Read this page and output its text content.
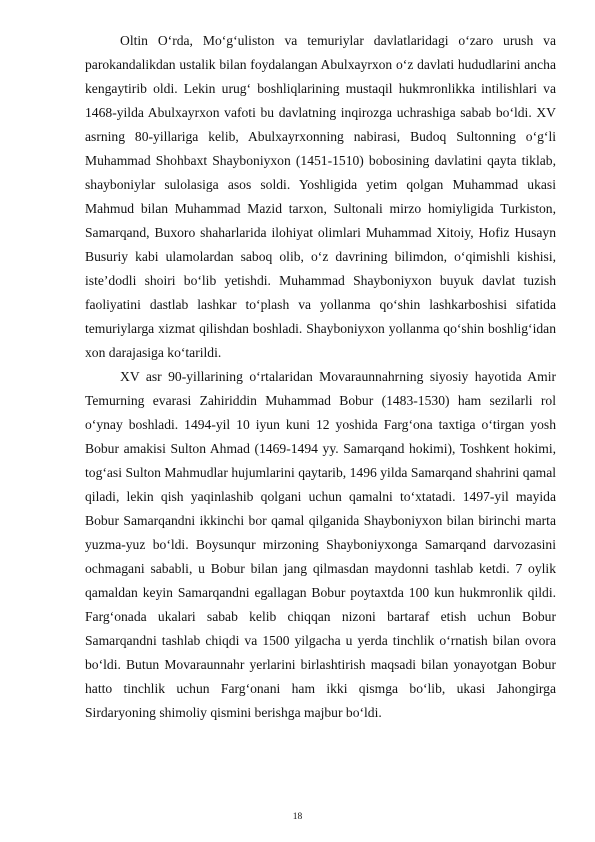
Oltin O‘rda, Mo‘g‘uliston va temuriylar davlatlaridagi o‘zaro urush va parokandalikdan ustalik bilan foydalangan Abulxayrxon o‘z davlati hududlarini ancha kengaytirib oldi. Lekin urug‘ boshliqlarining mustaqil hukmronlikka intilishlari va 1468-yilda Abulxayrxon vafoti bu davlatning inqirozga uchrashiga sabab bo‘ldi. XV asrning 80-yillariga kelib, Abulxayrxonning nabirasi, Budoq Sultonning o‘g‘li Muhammad Shohbaxt Shayboniyxon (1451-1510) bobosining davlatini qayta tiklab, shayboniylar sulolasiga asos soldi. Yoshligida yetim qolgan Muhammad ukasi Mahmud bilan Muhammad Mazid tarxon, Sultonali mirzo homiyligida Turkiston, Samarqand, Buxoro shaharlarida ilohiyat olimlari Muhammad Xitoiy, Hofiz Husayn Busuriy kabi ulamolardan saboq olib, o‘z davrining bilimdon, o‘qimishli kishisi, iste’dodli shoiri bo‘lib yetishdi. Muhammad Shayboniyxon buyuk davlat tuzish faoliyatini dastlab lashkar to‘plash va yollanma qo‘shin lashkarboshisi sifatida temuriylarga xizmat qilishdan boshladi. Shayboniyxon yollanma qo‘shin boshlig‘idan xon darajasiga ko‘tarildi.

XV asr 90-yillarining o‘rtalaridan Movaraunnahrning siyosiy hayotida Amir Temurning evarasi Zahiriddin Muhammad Bobur (1483-1530) ham sezilarli rol o‘ynay boshladi. 1494-yil 10 iyun kuni 12 yoshida Farg‘ona taxtiga o‘tirgan yosh Bobur amakisi Sulton Ahmad (1469-1494 yy. Samarqand hokimi), Toshkent hokimi, tog‘asi Sulton Mahmudlar hujumlarini qaytarib, 1496 yilda Samarqand shahrini qamal qiladi, lekin qish yaqinlashib qolgani uchun qamalni to‘xtatadi. 1497-yil mayida Bobur Samarqandni ikkinchi bor qamal qilganida Shayboniyxon bilan birinchi marta yuzma-yuz bo‘ldi. Boysunqur mirzoning Shayboniyxonga Samarqand darvozasini ochmagani sababli, u Bobur bilan jang qilmasdan maydonni tashlab ketdi. 7 oylik qamaldan keyin Samarqandni egallagan Bobur poytaxtda 100 kun hukmronlik qildi. Farg‘onada ukalari sabab kelib chiqqan nizoni bartaraf etish uchun Bobur Samarqandni tashlab chiqdi va 1500 yilgacha u yerda tinchlik o‘rnatish bilan ovora bo‘ldi. Butun Movaraunnahr yerlarini birlashtirish maqsadi bilan yonayotgan Bobur hatto tinchlik uchun Farg‘onani ham ikki qismga bo‘lib, ukasi Jahongirga Sirdaryoning shimoliy qismini berishga majbur bo‘ldi.

18
